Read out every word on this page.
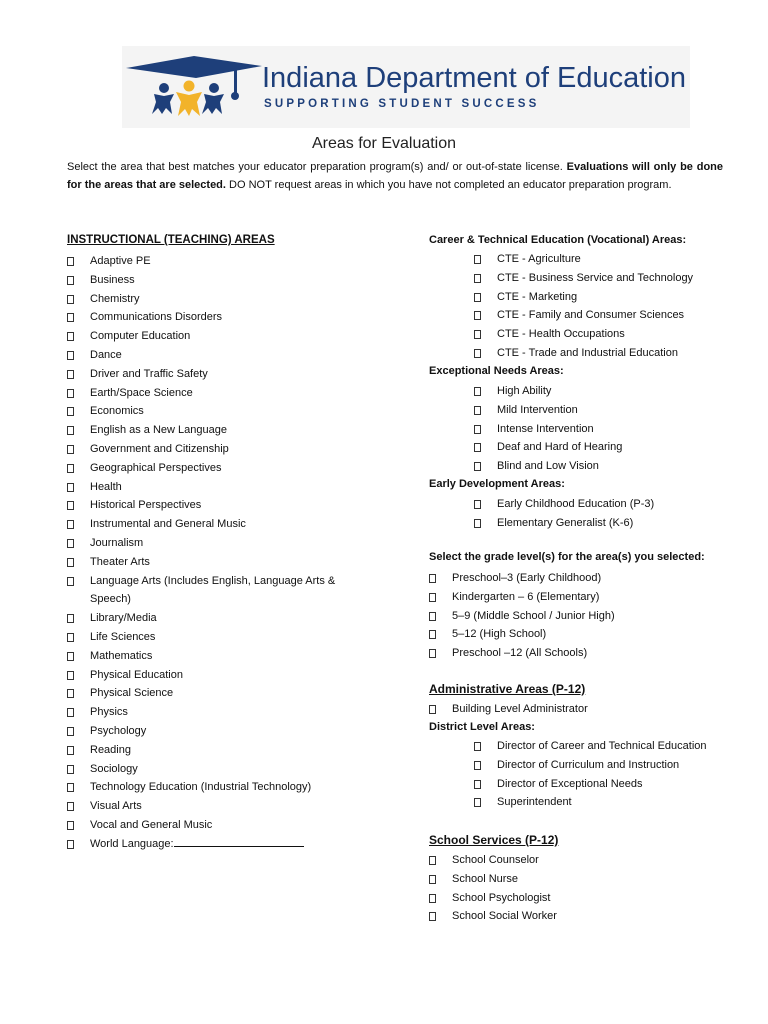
Indiana Department of Education
SUPPORTING STUDENT SUCCESS
Areas for Evaluation
Select the area that best matches your educator preparation program(s) and/ or out-of-state license. Evaluations will only be done for the areas that are selected. DO NOT request areas in which you have not completed an educator preparation program.
INSTRUCTIONAL (TEACHING) AREAS
Adaptive PE
Business
Chemistry
Communications Disorders
Computer Education
Dance
Driver and Traffic Safety
Earth/Space Science
Economics
English as a New Language
Government and Citizenship
Geographical Perspectives
Health
Historical Perspectives
Instrumental and General Music
Journalism
Theater Arts
Language Arts (Includes English, Language Arts & Speech)
Library/Media
Life Sciences
Mathematics
Physical Education
Physical Science
Physics
Psychology
Reading
Sociology
Technology Education (Industrial Technology)
Visual Arts
Vocal and General Music
World Language:
Career & Technical Education (Vocational) Areas:
CTE - Agriculture
CTE - Business Service and Technology
CTE - Marketing
CTE - Family and Consumer Sciences
CTE - Health Occupations
CTE - Trade and Industrial Education
Exceptional Needs Areas:
High Ability
Mild Intervention
Intense Intervention
Deaf and Hard of Hearing
Blind and Low Vision
Early Development Areas:
Early Childhood Education (P-3)
Elementary Generalist (K-6)
Select the grade level(s) for the area(s) you selected:
Preschool–3 (Early Childhood)
Kindergarten – 6 (Elementary)
5–9 (Middle School / Junior High)
5–12 (High School)
Preschool –12 (All Schools)
Administrative Areas (P-12)
Building Level Administrator
District Level Areas:
Director of Career and Technical Education
Director of Curriculum and Instruction
Director of Exceptional Needs
Superintendent
School Services (P-12)
School Counselor
School Nurse
School Psychologist
School Social Worker
